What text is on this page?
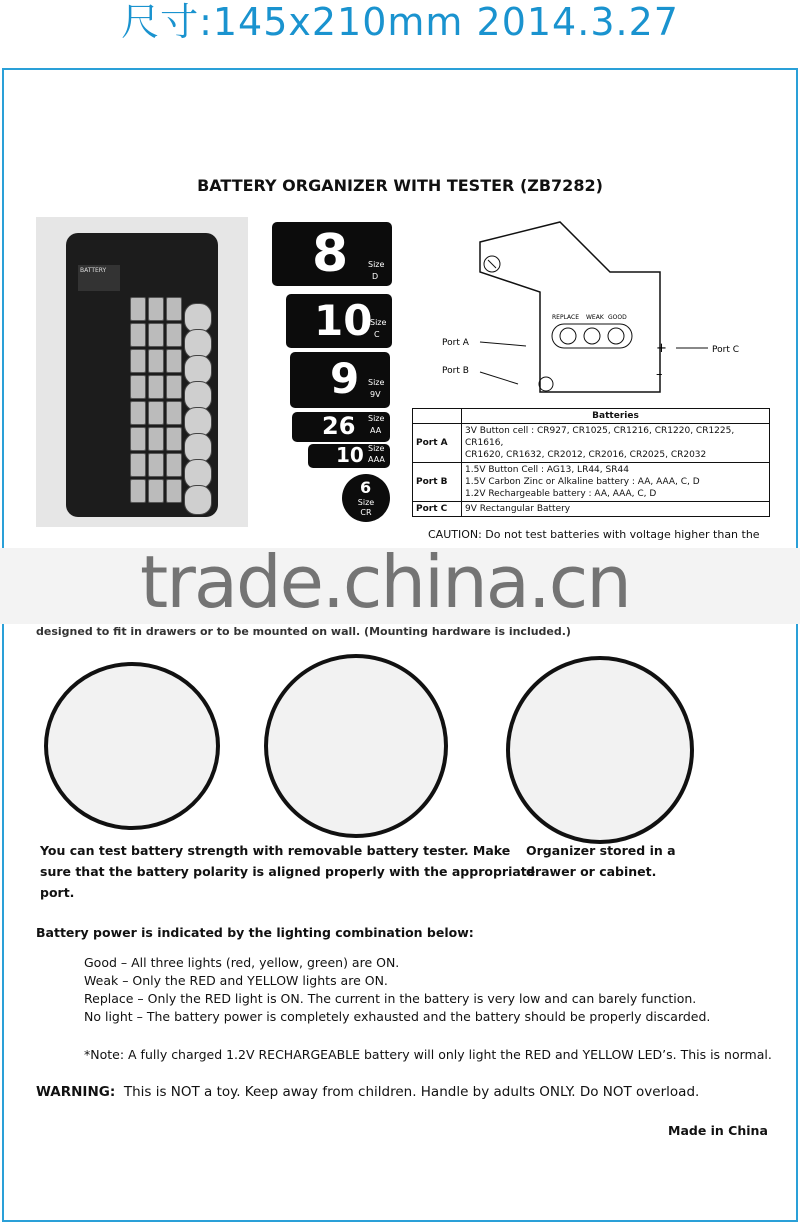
尺寸:145x210mm 2014.3.27
BATTERY ORGANIZER WITH TESTER (ZB7282)
BATTERY	8 Size
D
10
Size
C
9 Size
9V
26 Size
AA
10 Size
AAA
6
Size
CR
REPLACE WEAK GOOD
Port A
Port B
Port C
+
–
	Batteries
Port A	3V Button cell : CR927, CR1025, CR1216, CR1220, CR1225, CR1616,
CR1620, CR1632, CR2012, CR2016, CR2025, CR2032

Port B	1.5V Button Cell : AG13, LR44, SR44
1.5V Carbon Zinc or Alkaline battery : AA, AAA, C, D
1.2V Rechargeable battery : AA, AAA, C, D

Port C	9V Rectangular Battery
CAUTION: Do not test batteries with voltage higher than the
trade.china.cn
designed to fit in drawers or to be mounted on wall. (Mounting hardware is included.)
You can test battery strength with removable battery tester. Make
sure that the battery polarity is aligned properly with the appropriate
port.
Organizer stored in a
drawer or cabinet.
Battery power is indicated by the lighting combination below:
Good – All three lights (red, yellow, green) are ON.
Weak – Only the RED and YELLOW lights are ON.
Replace – Only the RED light is ON. The current in the battery is very low and can barely function.
No light – The battery power is completely exhausted and the battery should be properly discarded.
*Note: A fully charged 1.2V RECHARGEABLE battery will only light the RED and YELLOW LED’s. This is normal.
WARNING: This is NOT a toy. Keep away from children. Handle by adults ONLY. Do NOT overload.
Made in China
